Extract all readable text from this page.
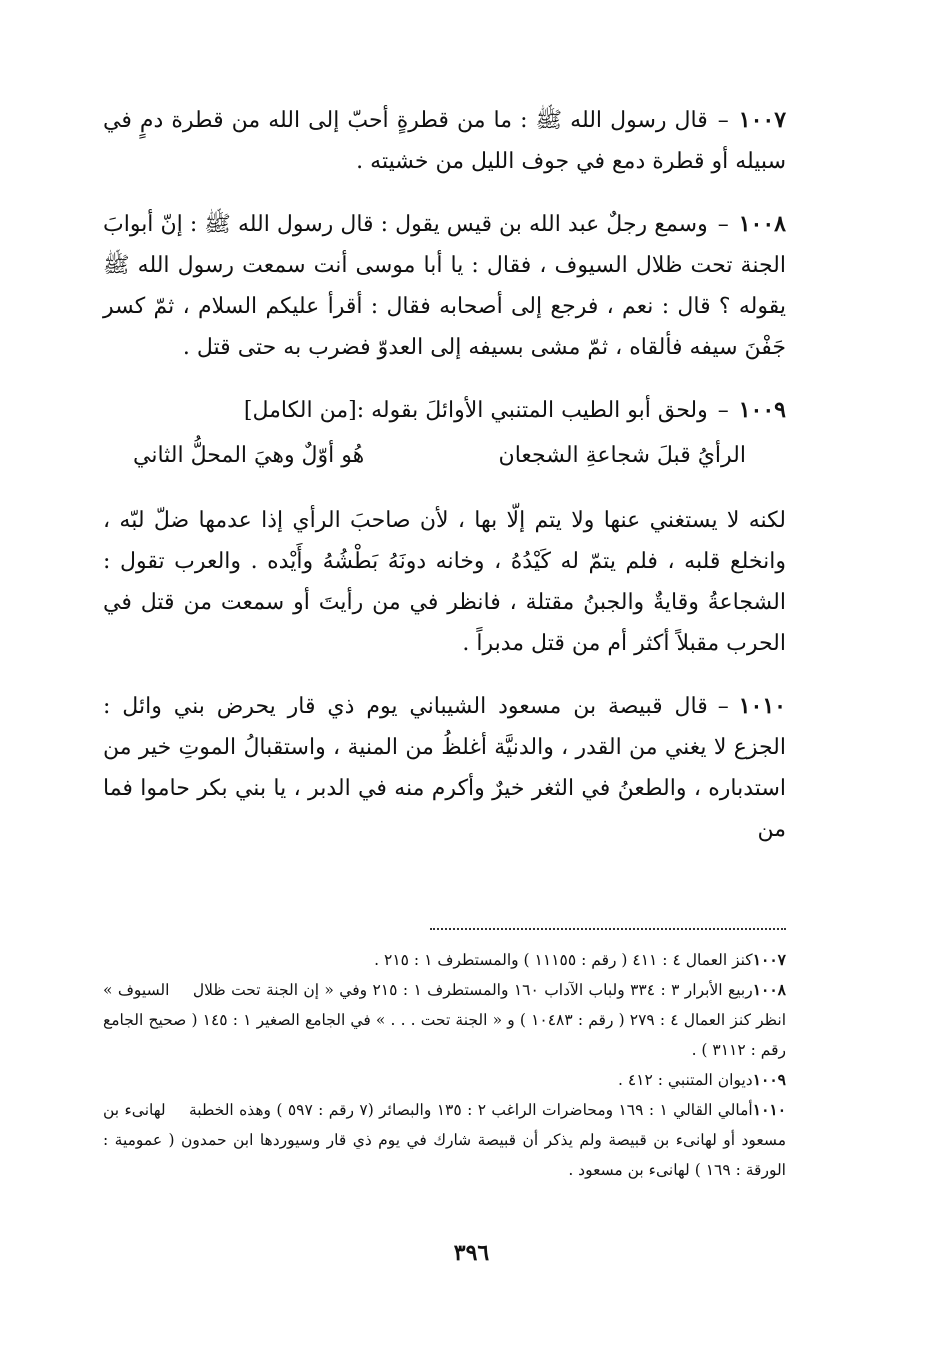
١٠٠٧–قال رسول الله ﷺ : ما من قطرةٍ أحبّ إلى الله من قطرة دمٍ في سبيله أو قطرة دمع في جوف الليل من خشيته .

١٠٠٨–وسمع رجلٌ عبد الله بن قيس يقول : قال رسول الله ﷺ : إنّ أبوابَ الجنة تحت ظلال السيوف ، فقال : يا أبا موسى أنت سمعت رسول الله ﷺ يقوله ؟ قال : نعم ، فرجع إلى أصحابه فقال : أقرأ عليكم السلام ، ثمّ كسر جَفْنَ سيفه فألقاه ، ثمّ مشى بسيفه إلى العدوّ فضرب به حتى قتل .

١٠٠٩–ولحق أبو الطيب المتنبي الأوائلَ بقوله :[من الكامل]

الرأيُ قبلَ شجاعةِ الشجعان
هُو أوّلٌ وهيَ المحلُّ الثاني

لكنه لا يستغني عنها ولا يتم إلّا بها ، لأن صاحبَ الرأي إذا عدمها ضلّ لبّه ، وانخلع قلبه ، فلم يتمّ له كَيْدُهُ ، وخانه دونَهُ بَطْشُهُ وأَيْده . والعرب تقول : الشجاعةُ وقايةٌ والجبنُ مقتلة ، فانظر في من رأيتَ أو سمعت من قتل في الحرب مقبلاً أكثر أم من قتل مدبراً .

١٠١٠–قال قبيصة بن مسعود الشيباني يوم ذي قار يحرض بني وائل : الجزع لا يغني من القدر ، والدنيَّة أغلظُ من المنية ، واستقبالُ الموتِ خير من استدباره ، والطعنُ في الثغر خيرٌ وأكرم منه في الدبر ، يا بني بكر حاموا فما من

١٠٠٧كنز العمال ٤ : ٤١١ ( رقم : ١١١٥٥ ) والمستطرف ١ : ٢١٥ .

١٠٠٨ربيع الأبرار ٣ : ٣٣٤ ولباب الآداب ١٦٠ والمستطرف ١ : ٢١٥ وفي « إن الجنة تحت ظلال السيوف » انظر كنز العمال ٤ : ٢٧٩ ( رقم : ١٠٤٨٣ ) و « الجنة تحت . . . » في الجامع الصغير ١ : ١٤٥ ( صحيح الجامع رقم : ٣١١٢ ) .

١٠٠٩ديوان المتنبي : ٤١٢ .

١٠١٠أمالي القالي ١ : ١٦٩ ومحاضرات الراغب ٢ : ١٣٥ والبصائر (٧ رقم : ٥٩٧ ) وهذه الخطبة لهانىء بن مسعود أو لهانىء بن قبيصة ولم يذكر أن قبيصة شارك في يوم ذي قار وسيوردها ابن حمدون ( عمومية : الورقة : ١٦٩ ) لهانىء بن مسعود .

٣٩٦
